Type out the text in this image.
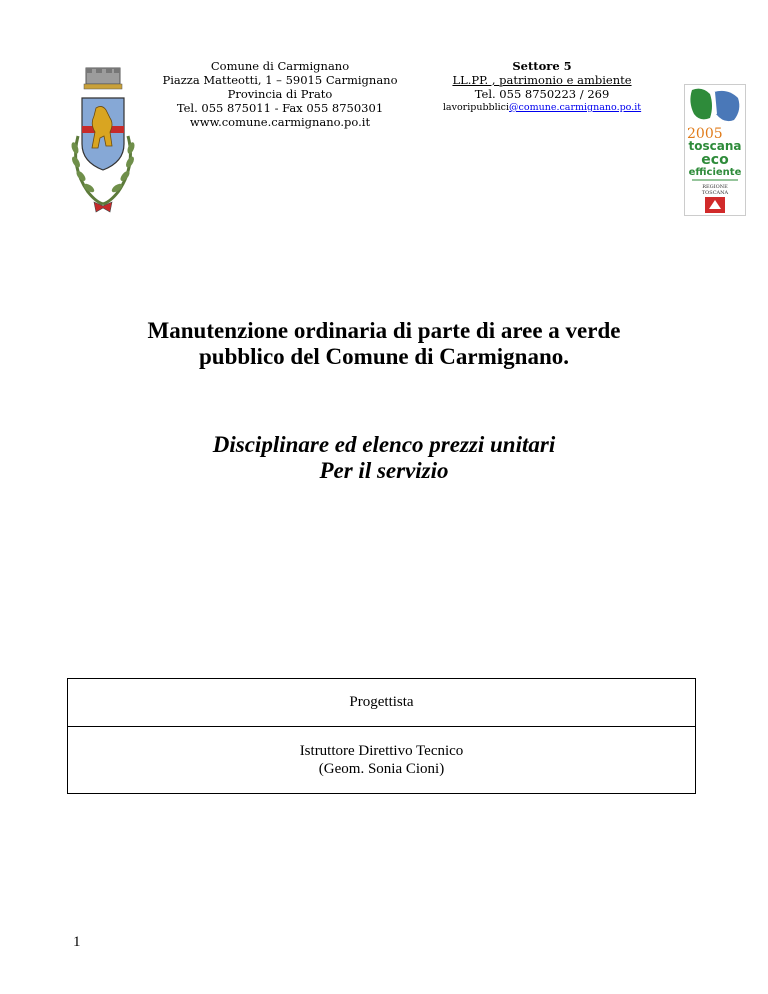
Comune di Carmignano
Piazza Matteotti, 1 – 59015 Carmignano
Provincia di Prato
Tel. 055 875011 - Fax 055 8750301
www.comune.carmignano.po.it
Settore 5
LL.PP. , patrimonio e ambiente
Tel. 055 8750223 / 269
lavoripubblici@comune.carmignano.po.it
2005
toscana
eco
efficiente
REGIONE
TOSCANA
Manutenzione ordinaria di parte di aree a verde
pubblico del Comune di Carmignano.
Disciplinare ed elenco prezzi unitari
Per il servizio
Progettista

Istruttore Direttivo Tecnico
(Geom. Sonia Cioni)
1
